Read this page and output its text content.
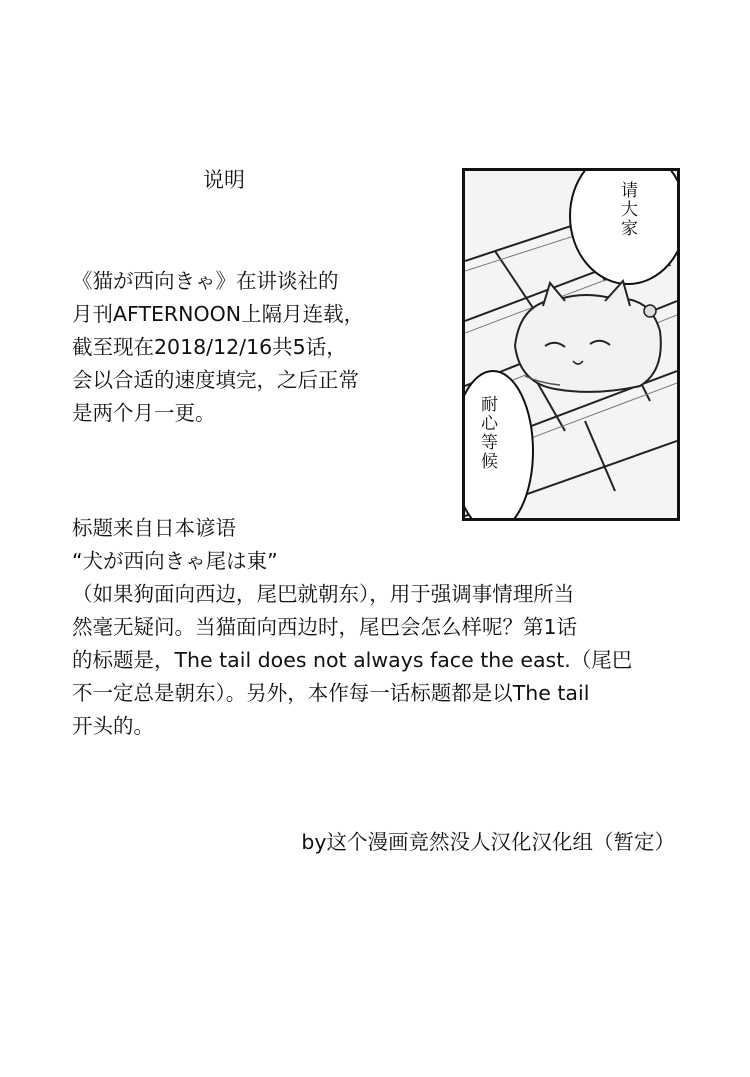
说明
《猫が西向きゃ》在讲谈社的
月刊AFTERNOON上隔月连载，
截至现在2018/12/16共5话，
会以合适的速度填完，之后正常
是两个月一更。
请大家
耐心等候
标题来自日本谚语
“犬が西向きゃ尾は東”
（如果狗面向西边，尾巴就朝东），用于强调事情理所当
然毫无疑问。当猫面向西边时，尾巴会怎么样呢？第1话
的标题是，The tail does not always face the east.（尾巴
不一定总是朝东）。另外，本作每一话标题都是以The tail
开头的。
by这个漫画竟然没人汉化汉化组（暂定）
